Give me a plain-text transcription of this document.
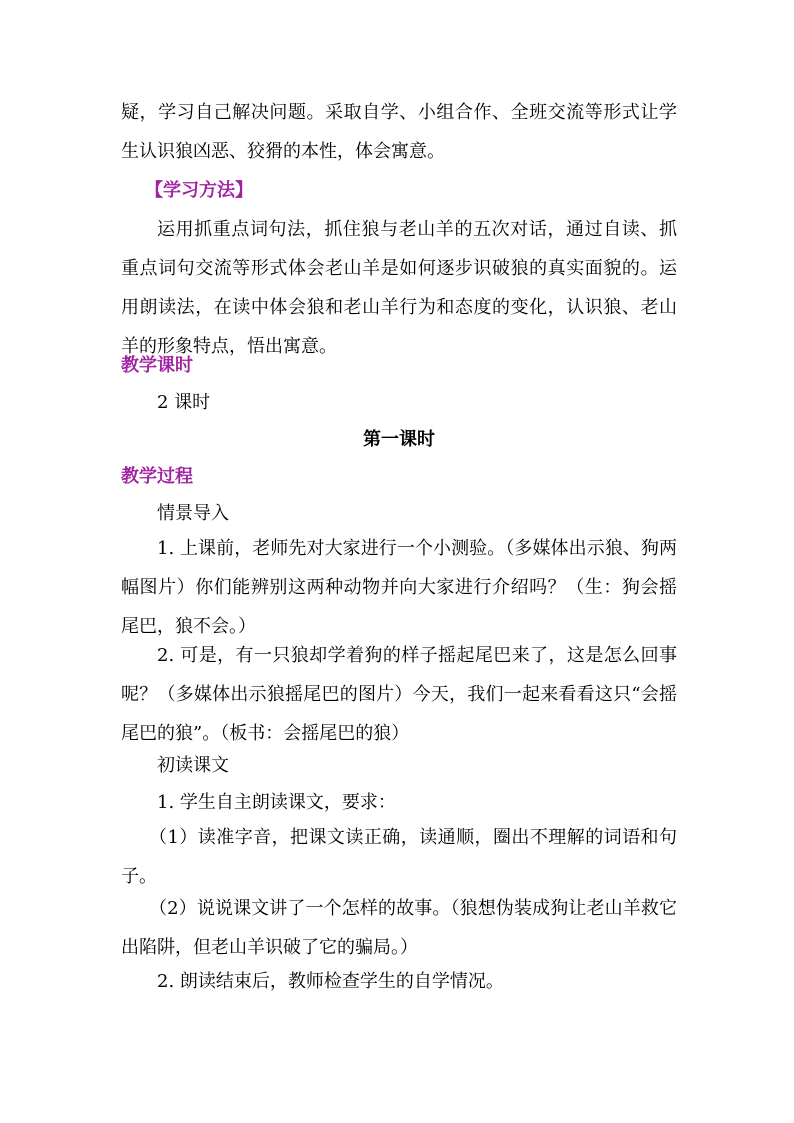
疑，学习自己解决问题。采取自学、小组合作、全班交流等形式让学生认识狼凶恶、狡猾的本性，体会寓意。

【学习方法】

运用抓重点词句法，抓住狼与老山羊的五次对话，通过自读、抓重点词句交流等形式体会老山羊是如何逐步识破狼的真实面貌的。运用朗读法，在读中体会狼和老山羊行为和态度的变化，认识狼、老山羊的形象特点，悟出寓意。

教学课时

2 课时

第一课时

教学过程

情景导入

1. 上课前，老师先对大家进行一个小测验。（多媒体出示狼、狗两幅图片）你们能辨别这两种动物并向大家进行介绍吗？（生：狗会摇尾巴，狼不会。）

2. 可是，有一只狼却学着狗的样子摇起尾巴来了，这是怎么回事呢？（多媒体出示狼摇尾巴的图片）今天，我们一起来看看这只“会摇尾巴的狼”。（板书：会摇尾巴的狼）

初读课文

1. 学生自主朗读课文，要求：

（1）读准字音，把课文读正确，读通顺，圈出不理解的词语和句子。

（2）说说课文讲了一个怎样的故事。（狼想伪装成狗让老山羊救它出陷阱，但老山羊识破了它的骗局。）

2. 朗读结束后，教师检查学生的自学情况。
